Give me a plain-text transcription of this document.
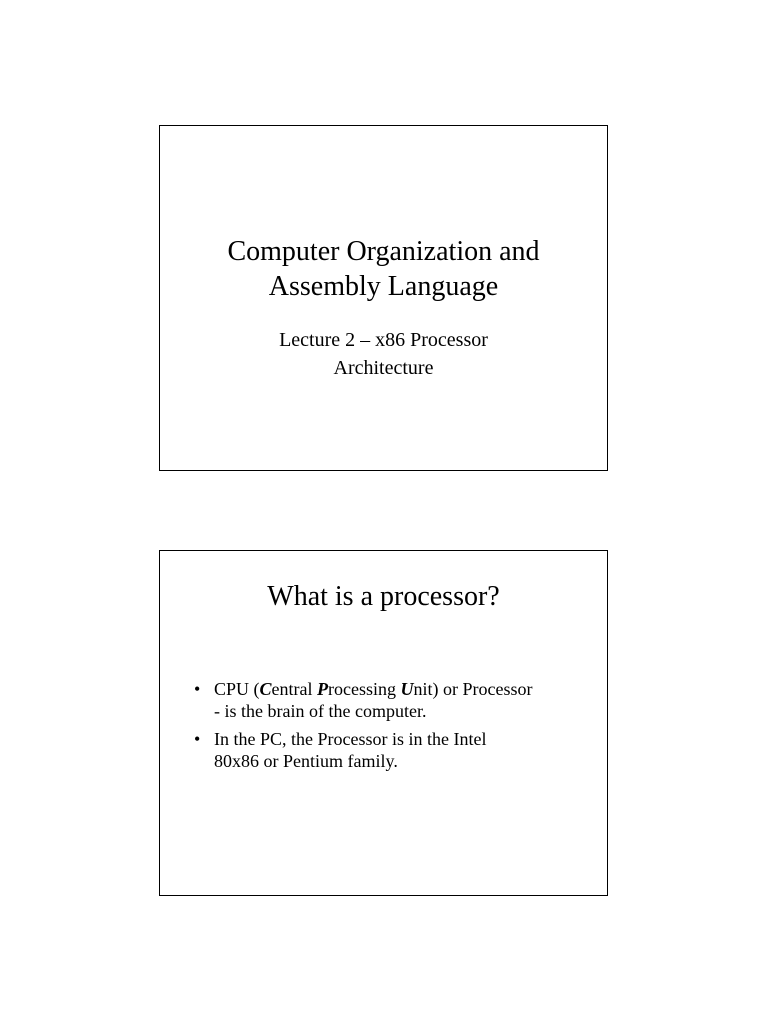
Computer Organization and
Assembly Language
Lecture 2 – x86 Processor
Architecture
What is a processor?
• CPU (Central Processing Unit) or Processor
- is the brain of the computer.
• In the PC, the Processor is in the Intel
80x86 or Pentium family.
